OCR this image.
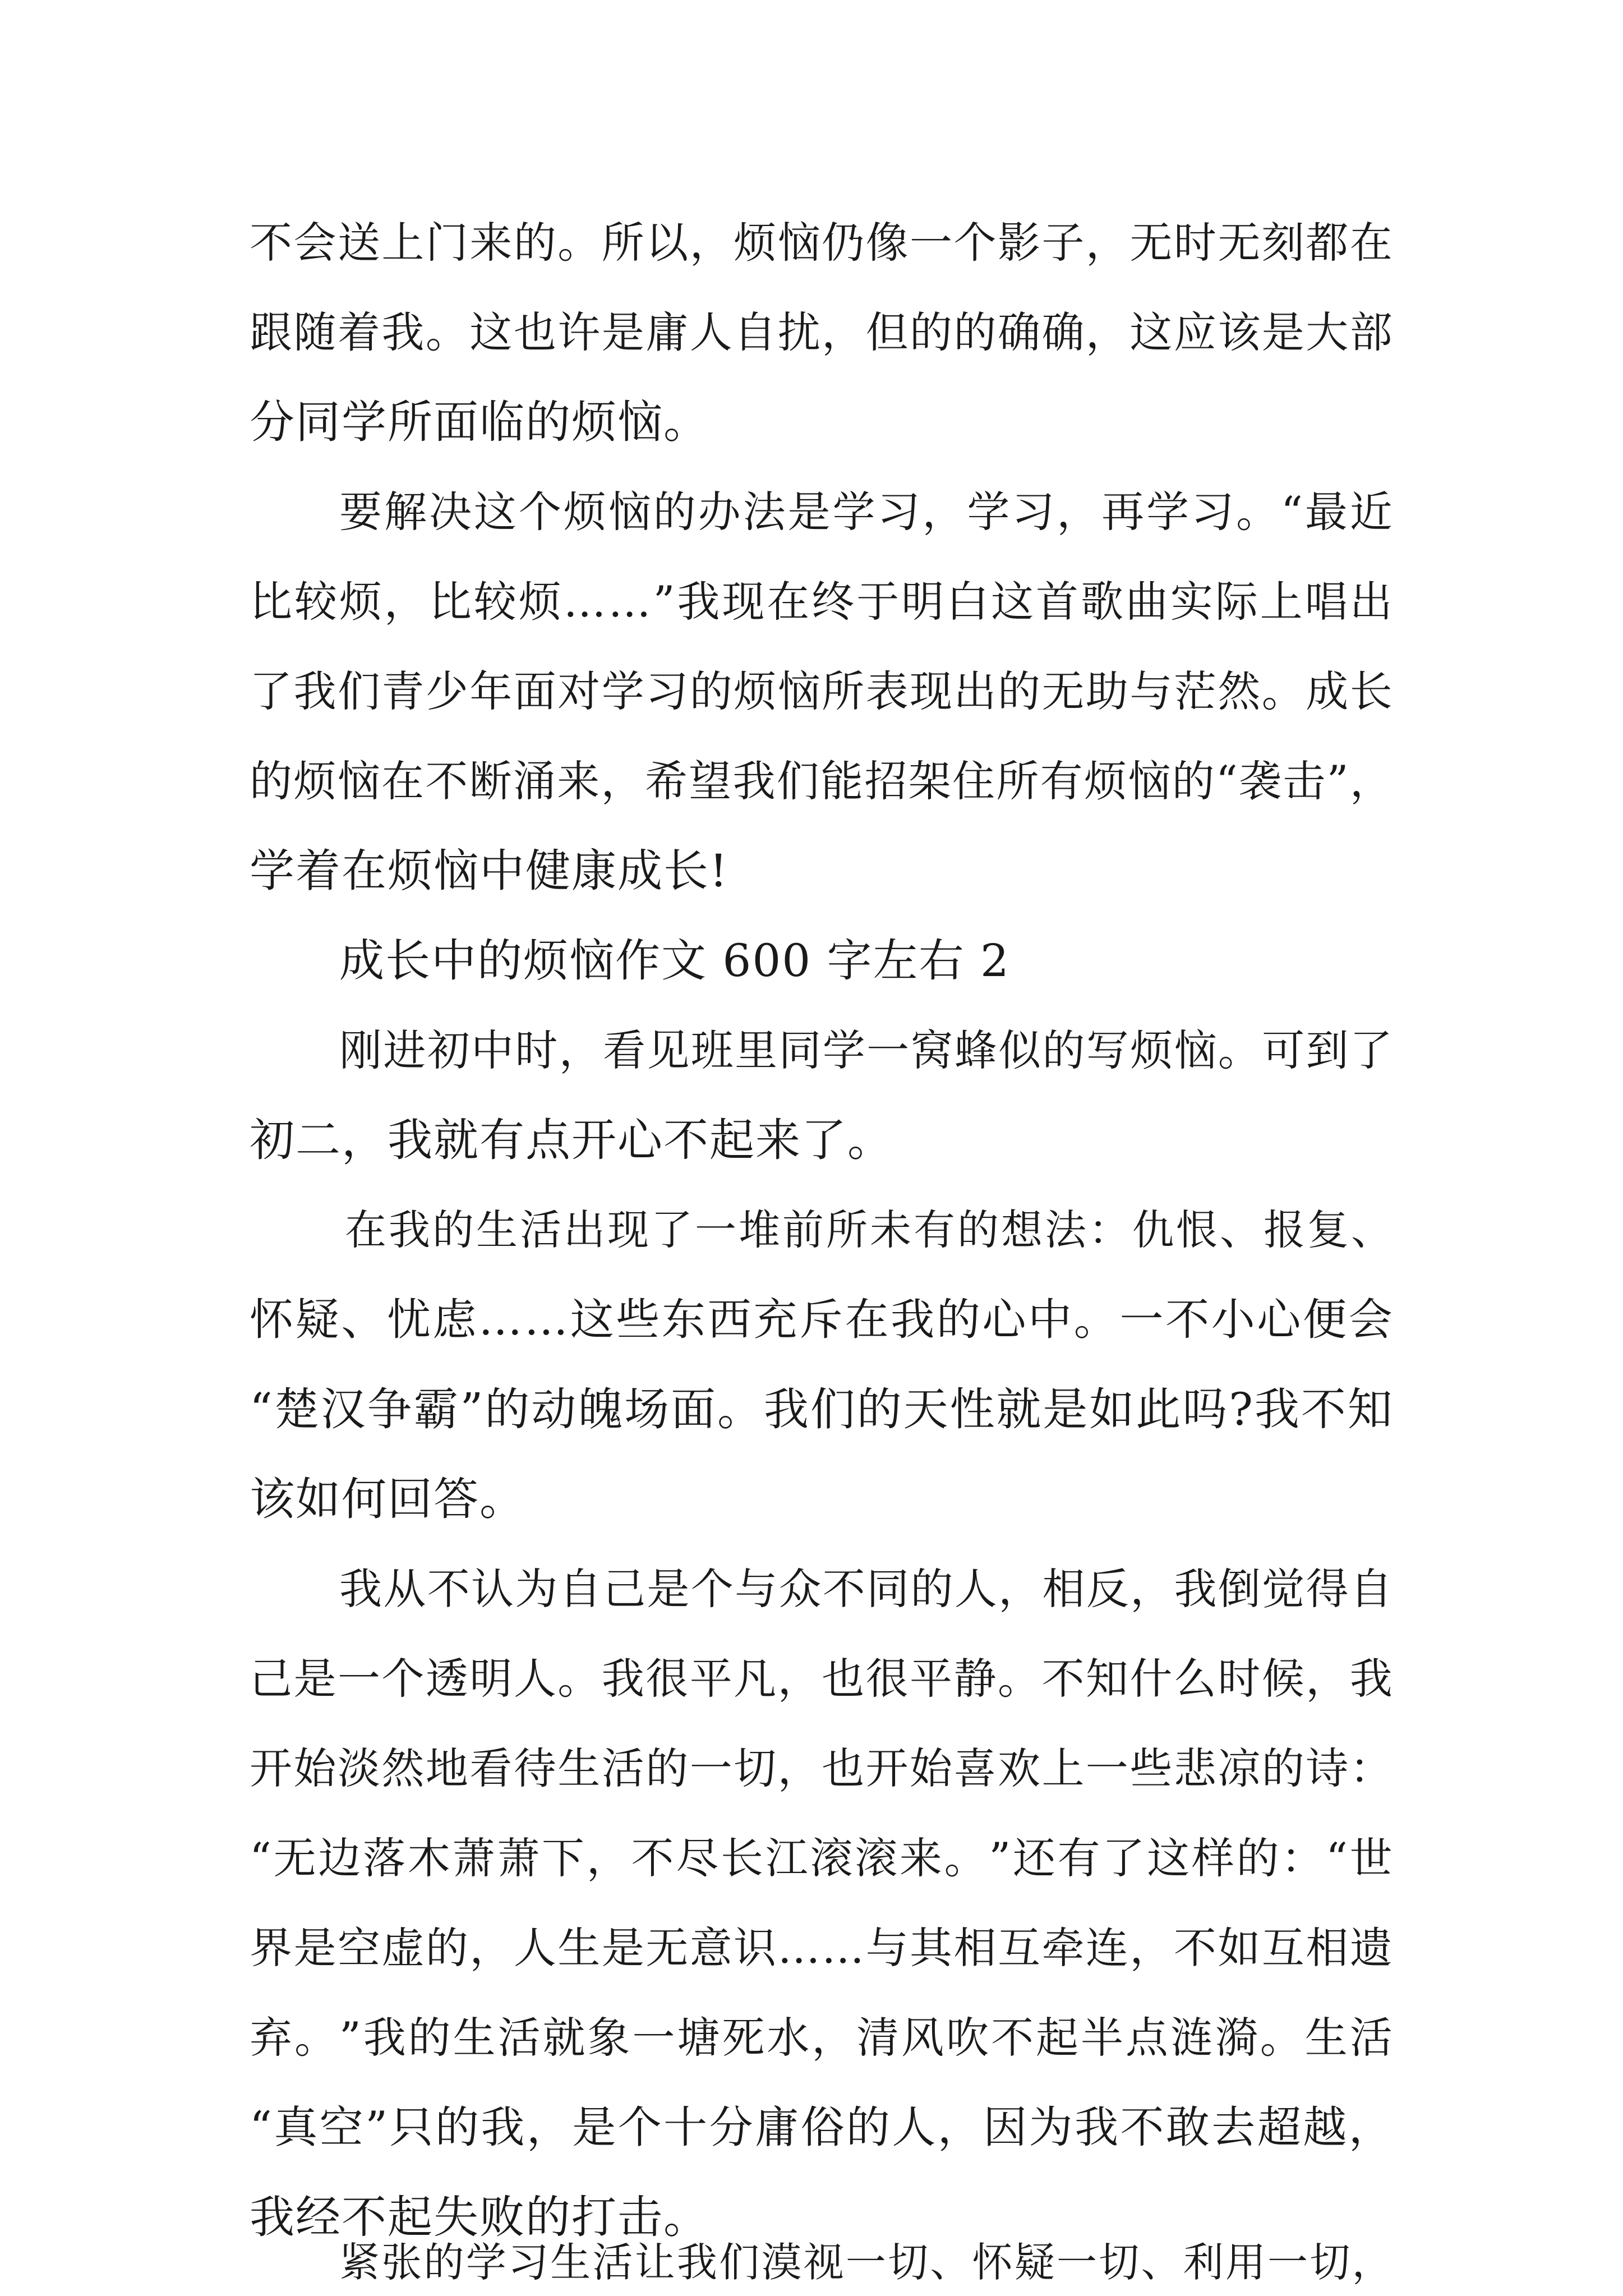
不 会 送 上 门 来 的 。 所 以 ， 烦 恼 仍 像 一 个 影 子 ， 无 时 无 刻 都 在
跟 随 着 我 。 这 也 许 是 庸 人 自 扰 ， 但 的 的 确 确 ， 这 应 该 是 大 部
分同学所面临的烦恼。
要 解 决 这 个 烦 恼 的 办 法 是 学 习 ， 学 习 ， 再 学 习 。 “ 最 近
比 较 烦 ， 比 较 烦 … … ” 我 现 在 终 于 明 白 这 首 歌 曲 实 际 上 唱 出
了 我 们 青 少 年 面 对 学 习 的 烦 恼 所 表 现 出 的 无 助 与 茫 然 。 成 长
的 烦 恼 在 不 断 涌 来 ， 希 望 我 们 能 招 架 住 所 有 烦 恼 的 “ 袭 击 ” ，
学着在烦恼中健康成长!
成长中的烦恼作文 600 字左右 2
刚 进 初 中 时 ， 看 见 班 里 同 学 一 窝 蜂 似 的 写 烦 恼 。 可 到 了
初二，我就有点开心不起来了。
在 我 的 生 活 出 现 了 一 堆 前 所 未 有 的 想 法 ： 仇 恨 、 报 复 、
怀 疑 、 忧 虑 … … 这 些 东 西 充 斥 在 我 的 心 中 。 一 不 小 心 便 会
“ 楚 汉 争 霸 ” 的 动 魄 场 面 。 我 们 的 天 性 就 是 如 此 吗 ? 我 不 知
该如何回答。
我 从 不 认 为 自 己 是 个 与 众 不 同 的 人 ， 相 反 ， 我 倒 觉 得 自
己 是 一 个 透 明 人 。 我 很 平 凡 ， 也 很 平 静 。 不 知 什 么 时 候 ， 我
开 始 淡 然 地 看 待 生 活 的 一 切 ， 也 开 始 喜 欢 上 一 些 悲 凉 的 诗 ：
“ 无 边 落 木 萧 萧 下 ， 不 尽 长 江 滚 滚 来 。 ” 还 有 了 这 样 的 ： “ 世
界 是 空 虚 的 ， 人 生 是 无 意 识 … … 与 其 相 互 牵 连 ， 不 如 互 相 遗
弃 。 ” 我 的 生 活 就 象 一 塘 死 水 ， 清 风 吹 不 起 半 点 涟 漪 。 生 活
“ 真 空 ” 只 的 我 ， 是 个 十 分 庸 俗 的 人 ， 因 为 我 不 敢 去 超 越 ，
我经不起失败的打击。
紧 张 的 学 习 生 活 让 我 们 漠 视 一 切 、 怀 疑 一 切 、 利 用 一 切 ，
